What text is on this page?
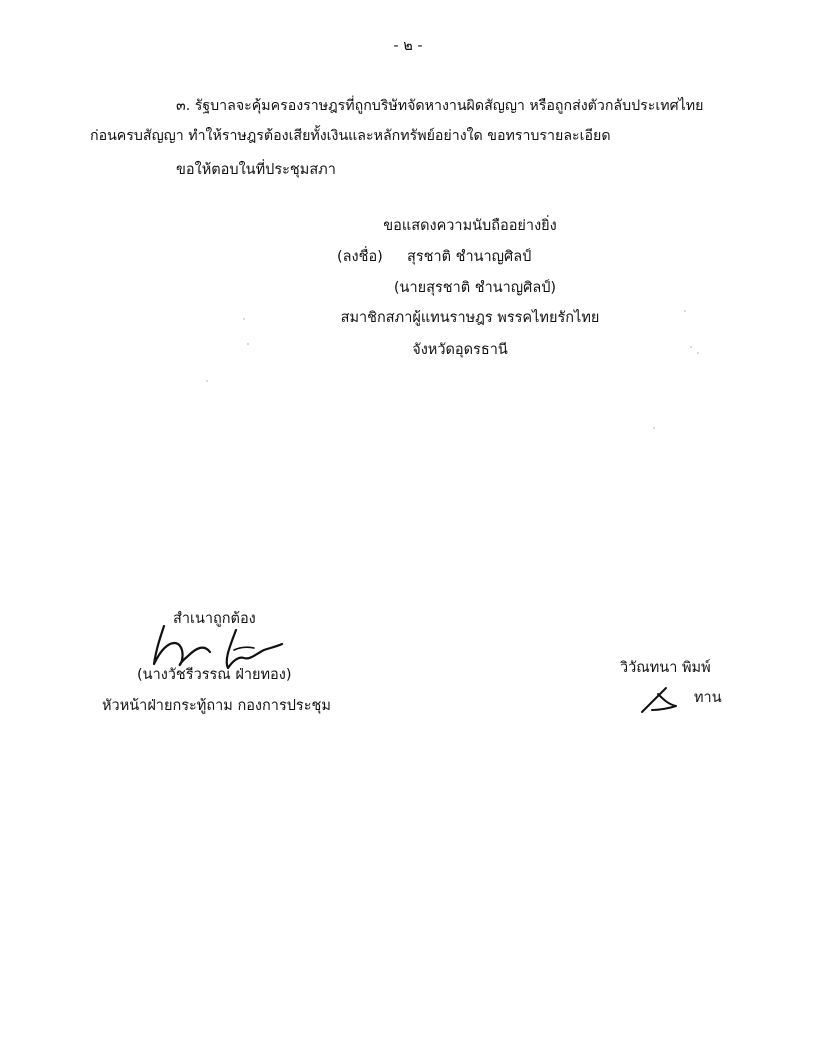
- ๒ -
๓. รัฐบาลจะคุ้มครองราษฎรที่ถูกบริษัทจัดหางานผิดสัญญา หรือถูกส่งตัวกลับประเทศไทย
ก่อนครบสัญญา ทำให้ราษฎรต้องเสียทั้งเงินและหลักทรัพย์อย่างใด ขอทราบรายละเอียด
ขอให้ตอบในที่ประชุมสภา
ขอแสดงความนับถืออย่างยิ่ง
(ลงชื่อ) สุรชาติ ชำนาญศิลป์
(นายสุรชาติ ชำนาญศิลป์)
สมาชิกสภาผู้แทนราษฎร พรรคไทยรักไทย
จังหวัดอุดรธานี
สำเนาถูกต้อง
(นางวัชรีวรรณ ฝ่ายทอง)
หัวหน้าฝ่ายกระทู้ถาม กองการประชุม
วิวัณทนา พิมพ์
ทาน
